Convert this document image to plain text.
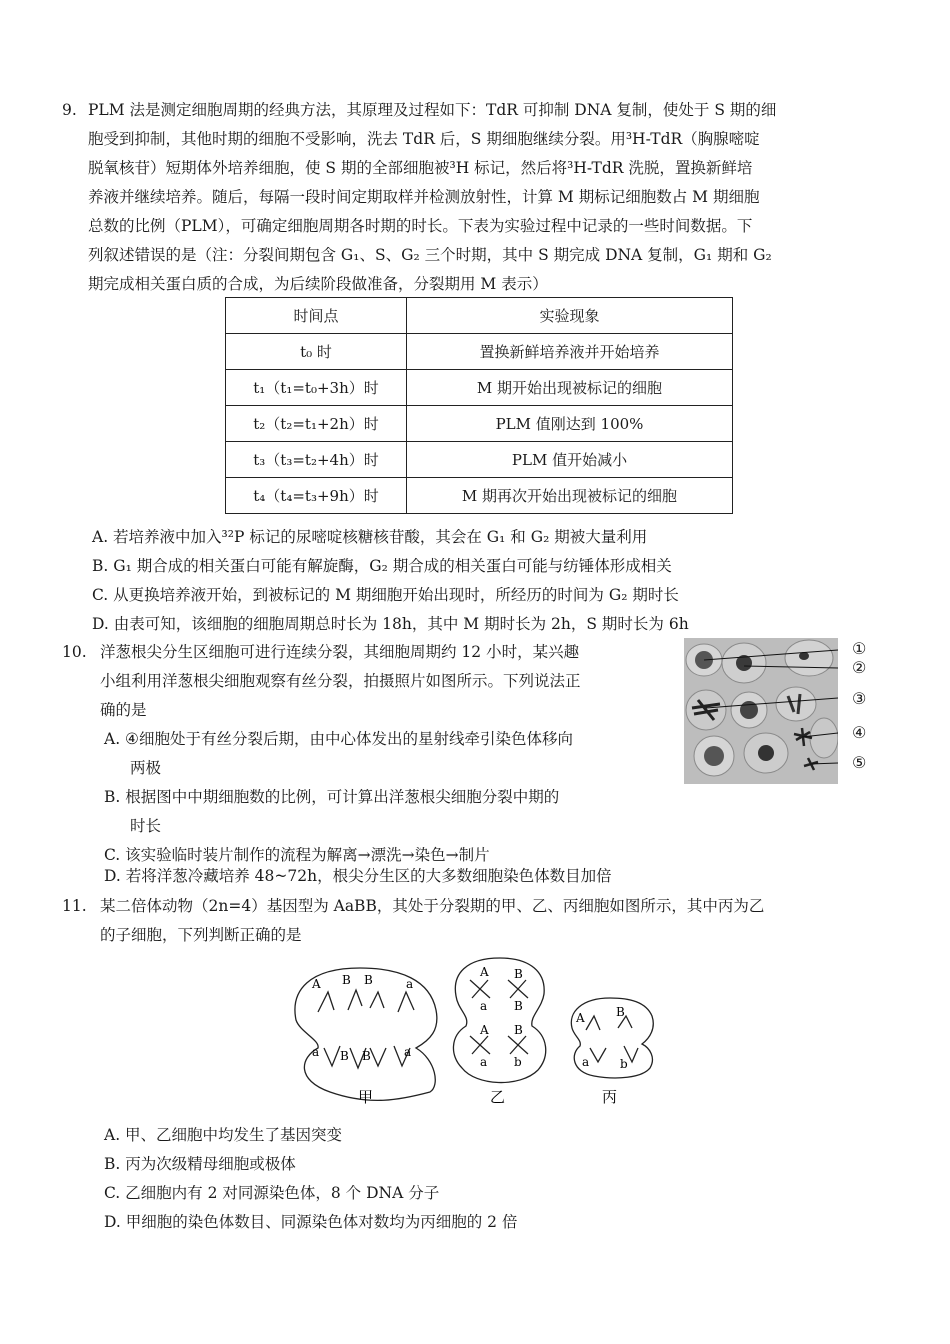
9. PLM 法是测定细胞周期的经典方法，其原理及过程如下：TdR 可抑制 DNA 复制，使处于 S 期的细
胞受到抑制，其他时期的细胞不受影响，洗去 TdR 后，S 期细胞继续分裂。用³H-TdR（胸腺嘧啶
脱氧核苷）短期体外培养细胞，使 S 期的全部细胞被³H 标记，然后将³H-TdR 洗脱，置换新鲜培
养液并继续培养。随后，每隔一段时间定期取样并检测放射性，计算 M 期标记细胞数占 M 期细胞
总数的比例（PLM），可确定细胞周期各时期的时长。下表为实验过程中记录的一些时间数据。下
列叙述错误的是（注：分裂间期包含 G₁、S、G₂ 三个时期，其中 S 期完成 DNA 复制，G₁ 期和 G₂
期完成相关蛋白质的合成，为后续阶段做准备，分裂期用 M 表示）
时间点	实验现象
t₀ 时	置换新鲜培养液并开始培养
t₁（t₁=t₀+3h）时	M 期开始出现被标记的细胞
t₂（t₂=t₁+2h）时	PLM 值刚达到 100%
t₃（t₃=t₂+4h）时	PLM 值开始减小
t₄（t₄=t₃+9h）时	M 期再次开始出现被标记的细胞
A. 若培养液中加入³²P 标记的尿嘧啶核糖核苷酸，其会在 G₁ 和 G₂ 期被大量利用
B. G₁ 期合成的相关蛋白可能有解旋酶，G₂ 期合成的相关蛋白可能与纺锤体形成相关
C. 从更换培养液开始，到被标记的 M 期细胞开始出现时，所经历的时间为 G₂ 期时长
D. 由表可知，该细胞的细胞周期总时长为 18h，其中 M 期时长为 2h，S 期时长为 6h
10. 洋葱根尖分生区细胞可进行连续分裂，其细胞周期约 12 小时，某兴趣
小组利用洋葱根尖细胞观察有丝分裂，拍摄照片如图所示。下列说法正
确的是
A. ④细胞处于有丝分裂后期，由中心体发出的星射线牵引染色体移向
两极
B. 根据图中中期细胞数的比例，可计算出洋葱根尖细胞分裂中期的
时长
C. 该实验临时装片制作的流程为解离→漂洗→染色→制片
D. 若将洋葱冷藏培养 48~72h，根尖分生区的大多数细胞染色体数目加倍
①
②
③
④
⑤
11. 某二倍体动物（2n=4）基因型为 AaBB，其处于分裂期的甲、乙、丙细胞如图所示，其中丙为乙
的子细胞，下列判断正确的是
A B B	a
a B B	a
甲
A
a
B
B
A
a
B
b
乙
A	B
a	b
丙
A. 甲、乙细胞中均发生了基因突变
B. 丙为次级精母细胞或极体
C. 乙细胞内有 2 对同源染色体，8 个 DNA 分子
D. 甲细胞的染色体数目、同源染色体对数均为丙细胞的 2 倍
